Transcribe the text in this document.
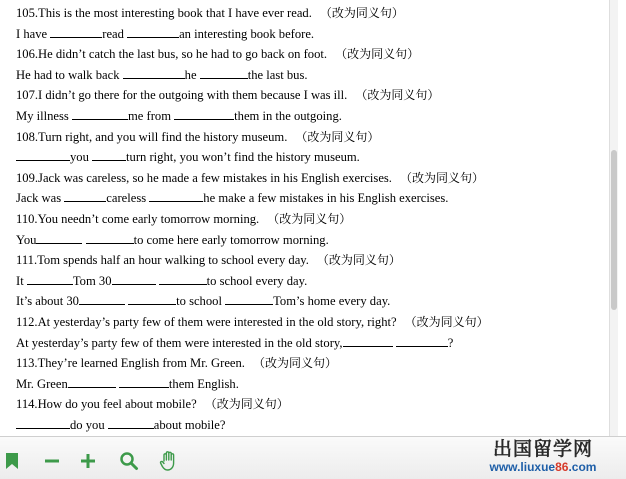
105.This is the most interesting book that I have ever read. （改为同义句）
I have	read	an interesting book before.
106.He didn’t catch the last bus, so he had to go back on foot. （改为同义句）
He had to walk back	he	the last bus.
107.I didn’t go there for the outgoing with them because I was ill. （改为同义句）
My illness	me from	them in the outgoing.
108.Turn right, and you will find the history museum. （改为同义句）
you	turn right, you won’t find the history museum.
109.Jack was careless, so he made a few mistakes in his English exercises. （改为同义句）
Jack was	careless	he make a few mistakes in his English exercises.
110.You needn’t come early tomorrow morning. （改为同义句）
You	to come here early tomorrow morning.
111.Tom spends half an hour walking to school every day. （改为同义句）
It	Tom 30	to school every day.
It’s about 30	to school	Tom’s home every day.
112.At yesterday’s party few of them were interested in the old story, right? （改为同义句）
At yesterday’s party few of them were interested in the old story,	?
113.They’re learned English from Mr. Green. （改为同义句）
Mr. Green	them English.
114.How do you feel about mobile? （改为同义句）
do you	about mobile?
出国留学网
www.liuxue86.com
